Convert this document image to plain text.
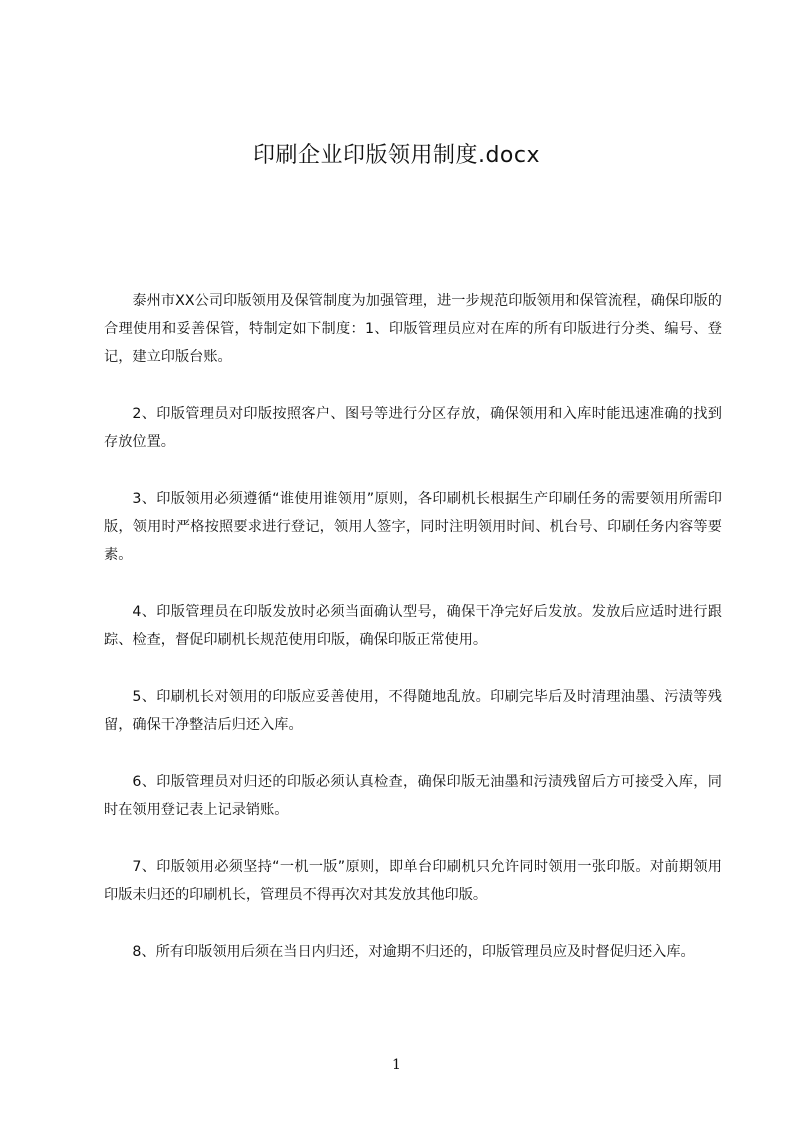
印刷企业印版领用制度.docx

泰州市XX公司印版领用及保管制度为加强管理，进一步规范印版领用和保管流程，确保印版的合理使用和妥善保管，特制定如下制度：1、印版管理员应对在库的所有印版进行分类、编号、登记，建立印版台账。

2、印版管理员对印版按照客户、图号等进行分区存放，确保领用和入库时能迅速准确的找到存放位置。

3、印版领用必须遵循“谁使用谁领用”原则，各印刷机长根据生产印刷任务的需要领用所需印版，领用时严格按照要求进行登记，领用人签字，同时注明领用时间、机台号、印刷任务内容等要素。

4、印版管理员在印版发放时必须当面确认型号，确保干净完好后发放。发放后应适时进行跟踪、检查，督促印刷机长规范使用印版，确保印版正常使用。

5、印刷机长对领用的印版应妥善使用，不得随地乱放。印刷完毕后及时清理油墨、污渍等残留，确保干净整洁后归还入库。

6、印版管理员对归还的印版必须认真检查，确保印版无油墨和污渍残留后方可接受入库，同时在领用登记表上记录销账。

7、印版领用必须坚持“一机一版”原则，即单台印刷机只允许同时领用一张印版。对前期领用印版未归还的印刷机长，管理员不得再次对其发放其他印版。

8、所有印版领用后须在当日内归还，对逾期不归还的，印版管理员应及时督促归还入库。

1
